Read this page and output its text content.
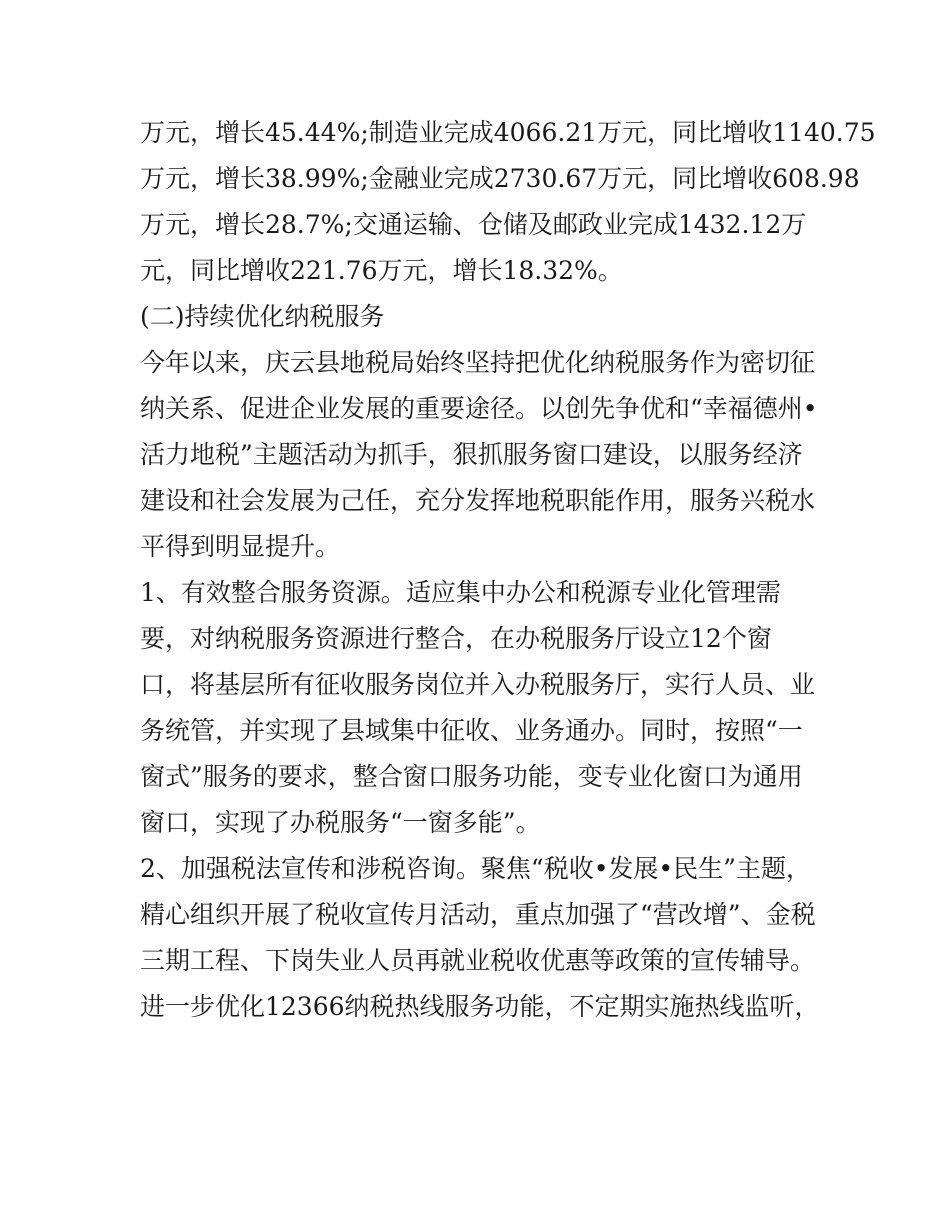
万元，增长45.44%;制造业完成4066.21万元，同比增收1140.75
万元，增长38.99%;金融业完成2730.67万元，同比增收608.98
万元，增长28.7%;交通运输、仓储及邮政业完成1432.12万
元，同比增收221.76万元，增长18.32%。
(二)持续优化纳税服务
今年以来，庆云县地税局始终坚持把优化纳税服务作为密切征
纳关系、促进企业发展的重要途径。以创先争优和“幸福德州•
活力地税”主题活动为抓手，狠抓服务窗口建设，以服务经济
建设和社会发展为己任，充分发挥地税职能作用，服务兴税水
平得到明显提升。
1、有效整合服务资源。适应集中办公和税源专业化管理需
要，对纳税服务资源进行整合，在办税服务厅设立12个窗
口，将基层所有征收服务岗位并入办税服务厅，实行人员、业
务统管，并实现了县域集中征收、业务通办。同时，按照“一
窗式”服务的要求，整合窗口服务功能，变专业化窗口为通用
窗口，实现了办税服务“一窗多能”。
2、加强税法宣传和涉税咨询。聚焦“税收•发展•民生”主题，
精心组织开展了税收宣传月活动，重点加强了“营改增”、金税
三期工程、下岗失业人员再就业税收优惠等政策的宣传辅导。
进一步优化12366纳税热线服务功能，不定期实施热线监听，
